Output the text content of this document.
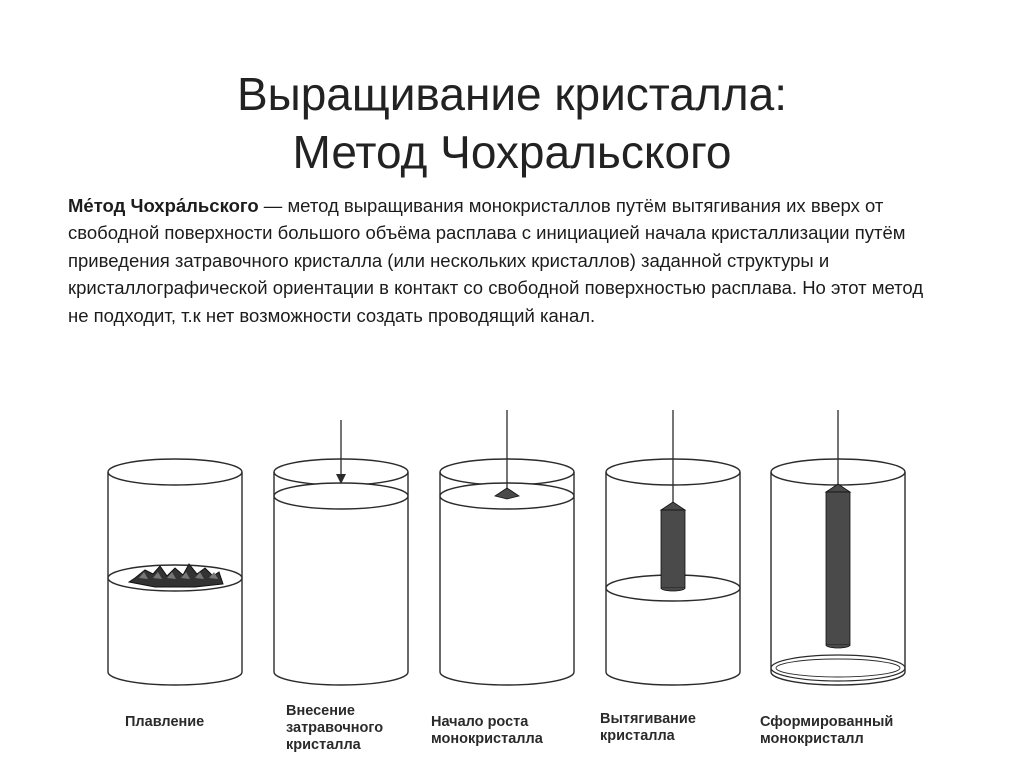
Выращивание кристалла:
Метод Чохральского

Ме́тод Чохра́льского — метод выращивания монокристаллов путём вытягивания их вверх от свободной поверхности большого объёма расплава с инициацией начала кристаллизации путём приведения затравочного кристалла (или нескольких кристаллов) заданной структуры и кристаллографической ориентации в контакт со свободной поверхностью расплава. Но этот метод не подходит, т.к нет возможности создать проводящий канал.

Плавление
Внесение
затравочного
кристалла
Начало роста
монокристалла
Вытягивание
кристалла
Сформированный
монокристалл
